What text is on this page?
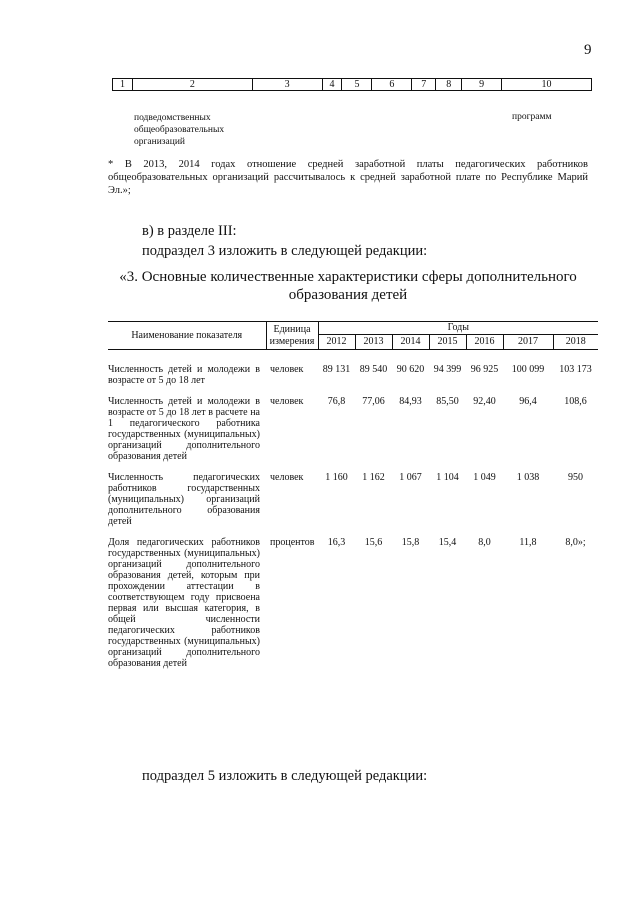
9
1	2	3	4	5	6	7	8	9	10
подведомственных
общеобразовательных
организаций
программ
* В 2013, 2014 годах отношение средней заработной платы педагогических работников общеобразовательных организаций рассчитывалось к средней заработной плате по Республике Марий Эл.»;
в) в разделе III:
подраздел 3 изложить в следующей редакции:
«3. Основные количественные характеристики сферы дополнительного образования детей
Наименование показателя	Единица измерения	Годы						
		2012	2013	2014	2015	2016	2017	2018

Численность детей и молодежи в возрасте от 5 до 18 лет	человек	89 131	89 540	90 620	94 399	96 925	100 099	103 173

Численность детей и молодежи в возрасте от 5 до 18 лет в расчете на 1 педагогического работника государственных (муниципальных) организаций дополнительного образования детей	человек	76,8	77,06	84,93	85,50	92,40	96,4	108,6

Численность педагогических работников государственных (муниципальных) организаций дополнительного образования детей	человек	1 160	1 162	1 067	1 104	1 049	1 038	950

Доля педагогических работников государственных (муниципальных) организаций дополнительного образования детей, которым при прохождении аттестации в соответствующем году присвоена первая или высшая категория, в общей численности педагогических работников государственных (муниципальных) организаций дополнительного образования детей	процентов	16,3	15,6	15,8	15,4	8,0	11,8	8,0»;
подраздел 5 изложить в следующей редакции:
